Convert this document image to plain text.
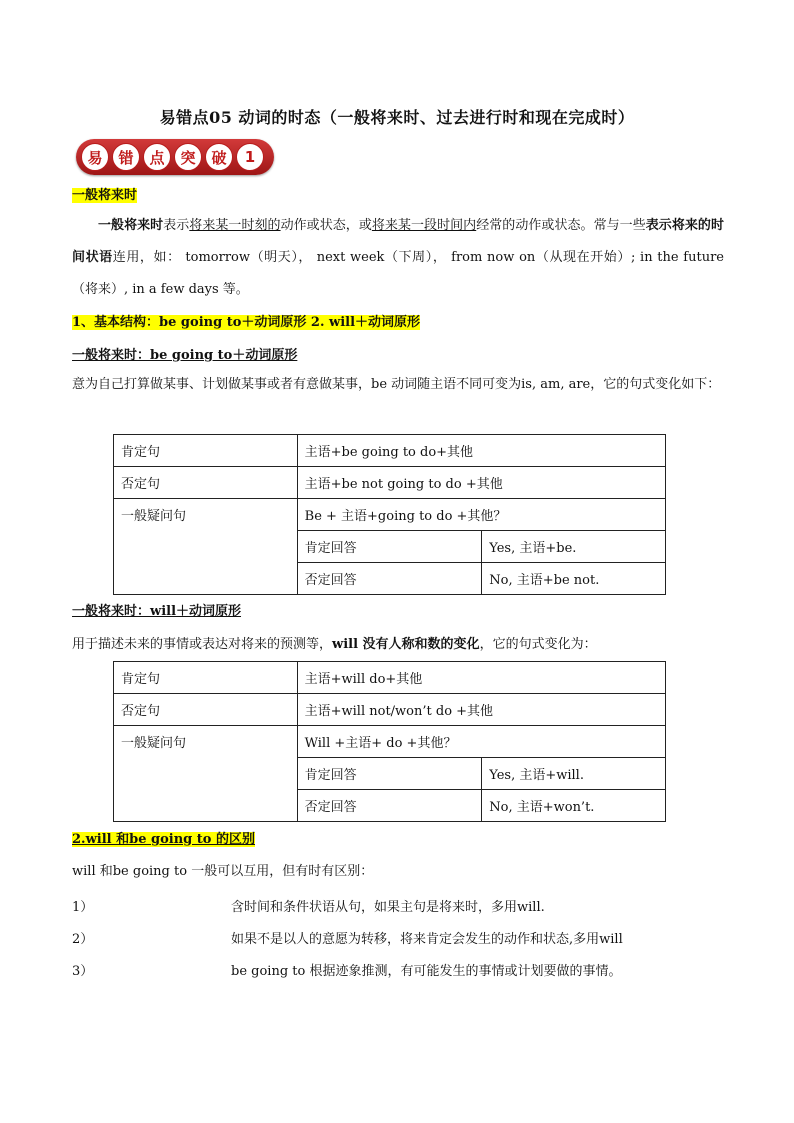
易错点05 动词的时态（一般将来时、过去进行时和现在完成时）
易	错	点	突	破	1
一般将来时
一般将来时表示将来某一时刻的动作或状态，或将来某一段时间内经常的动作或状态。常与一些表示将来的时间状语连用，如： tomorrow（明天）， next week（下周）， from now on（从现在开始）; in the future（将来）, in a few days 等。
1、基本结构：be going to＋动词原形 2. will＋动词原形
一般将来时：be going to＋动词原形
意为自己打算做某事、计划做某事或者有意做某事，be 动词随主语不同可变为is, am, are，它的句式变化如下：
肯定句	主语+be going to do+其他	
否定句	主语+be not going to do +其他	
一般疑问句	Be + 主语+going to do +其他？	
	肯定回答	Yes, 主语+be.
	否定回答	No, 主语+be not.
一般将来时：will＋动词原形
用于描述未来的事情或表达对将来的预测等，will 没有人称和数的变化，它的句式变化为：
肯定句	主语+will do+其他	
否定句	主语+will not/won’t do +其他	
一般疑问句	Will +主语+ do +其他？	
	肯定回答	Yes, 主语+will.
	否定回答	No, 主语+won’t.
2.will 和be going to 的区别
will 和be going to 一般可以互用，但有时有区别：
1）	含时间和条件状语从句，如果主句是将来时，多用will.
2）	如果不是以人的意愿为转移，将来肯定会发生的动作和状态,多用will
3）	be going to 根据迹象推测，有可能发生的事情或计划要做的事情。
